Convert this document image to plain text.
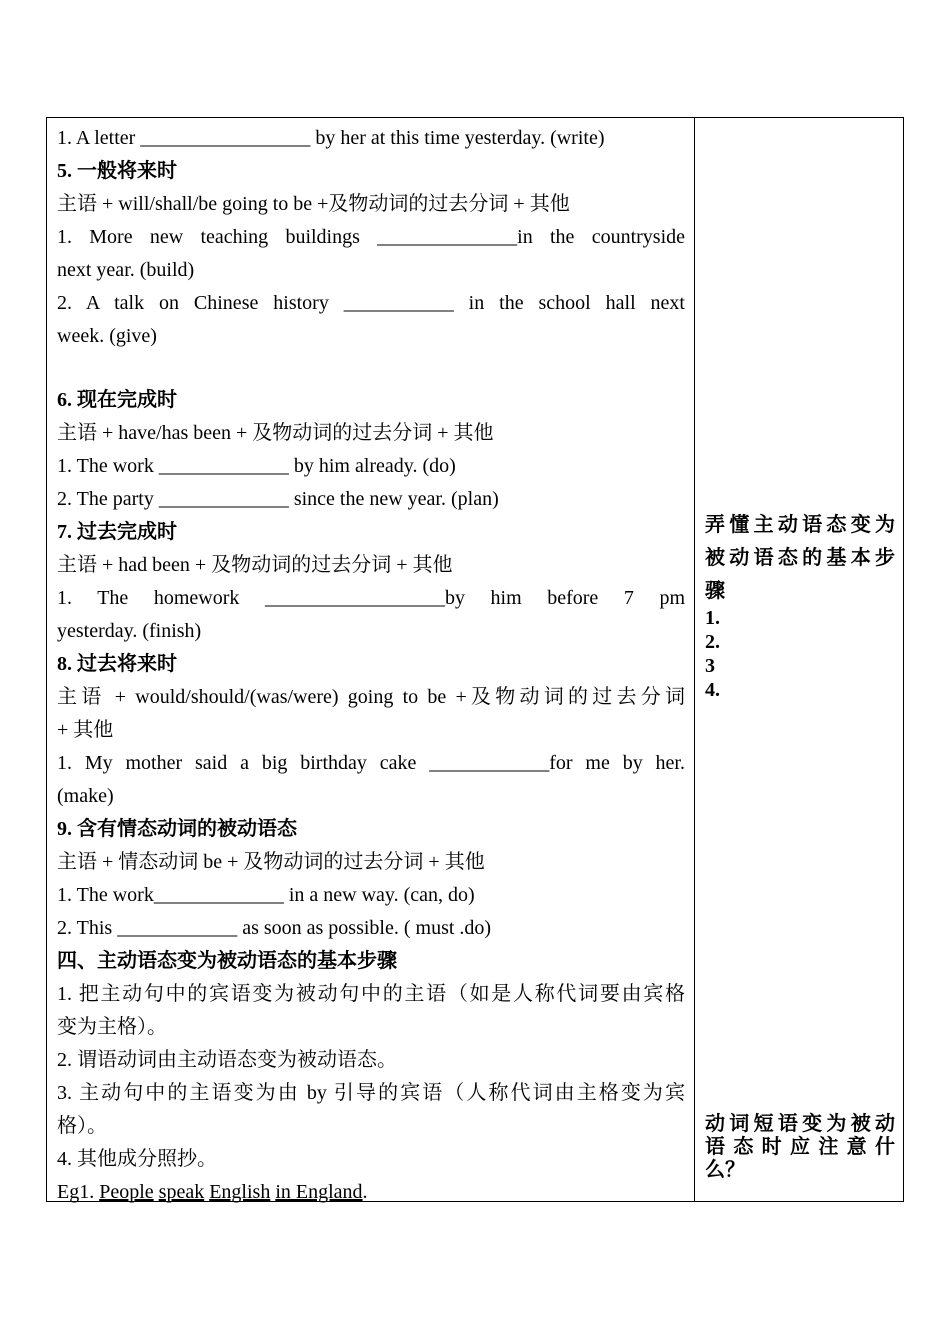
1. A letter _________________ by her at this time yesterday. (write)
5. 一般将来时
主语 + will/shall/be going to be +及物动词的过去分词 + 其他
1. More new teaching buildings ______________in the countryside
next year. (build)
2. A talk on Chinese history ___________ in the school hall next
week. (give)
6. 现在完成时
主语 + have/has been + 及物动词的过去分词 + 其他
1. The work _____________ by him already. (do)
2. The party _____________ since the new year. (plan)
7. 过去完成时
主语 + had been + 及物动词的过去分词 + 其他
1. The homework __________________by him before 7 pm
yesterday. (finish)
8. 过去将来时
主语 + would/should/(was/were) going to be +及物动词的过去分词
+ 其他
1. My mother said a big birthday cake ____________for me by her.
(make)
9. 含有情态动词的被动语态
主语 + 情态动词 be + 及物动词的过去分词 + 其他
1. The work_____________ in a new way. (can, do)
2. This ____________ as soon as possible. ( must .do)
四、主动语态变为被动语态的基本步骤
1. 把主动句中的宾语变为被动句中的主语（如是人称代词要由宾格
变为主格）。
2. 谓语动词由主动语态变为被动语态。
3. 主动句中的主语变为由 by 引导的宾语（人称代词由主格变为宾
格）。
4. 其他成分照抄。
Eg1. People speak English in England.
弄懂主动语态变为
被动语态的基本步
骤
1.
2.
3
4.
动词短语变为被动
语态时应注意什
么？
